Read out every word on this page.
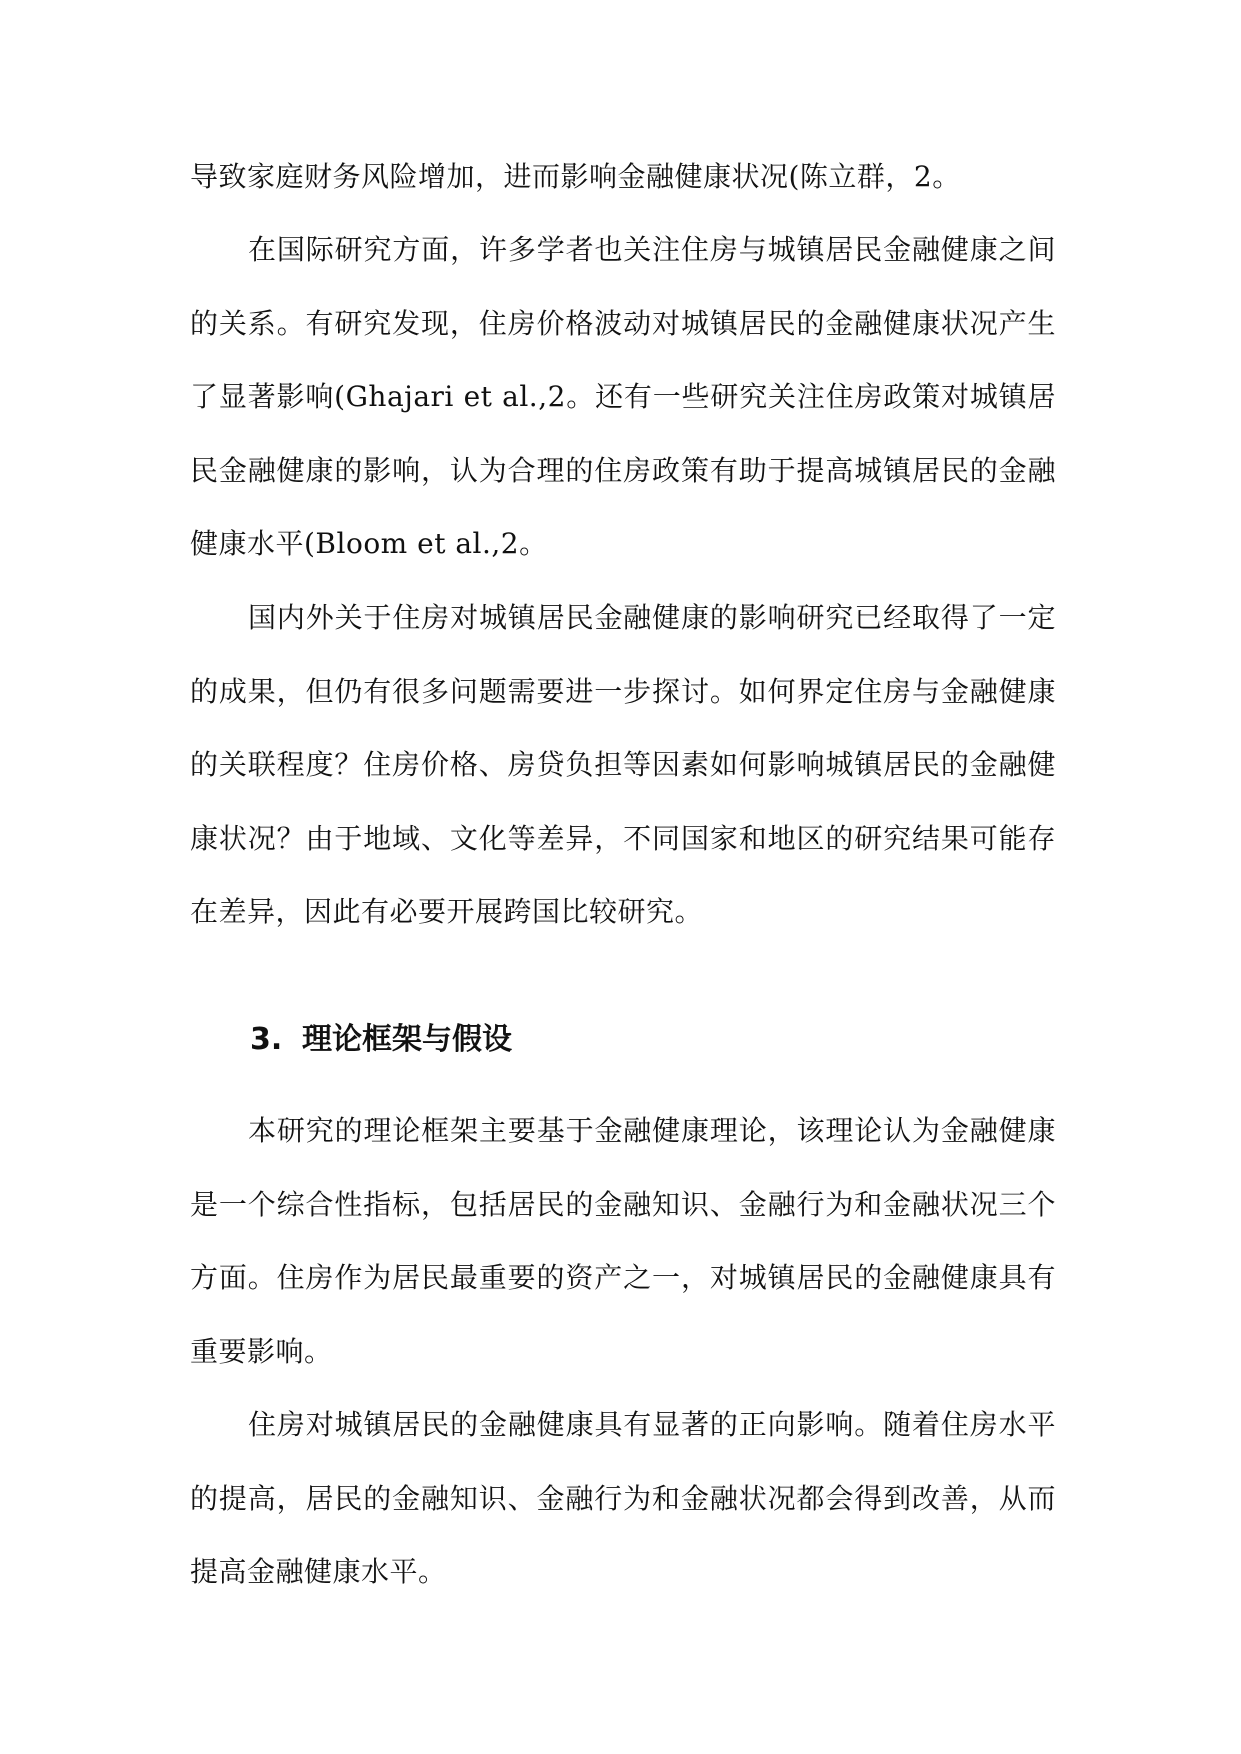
导致家庭财务风险增加，进而影响金融健康状况(陈立群，2。

在国际研究方面，许多学者也关注住房与城镇居民金融健康之间的关系。有研究发现，住房价格波动对城镇居民的金融健康状况产生了显著影响(Ghajari et al.,2。还有一些研究关注住房政策对城镇居民金融健康的影响，认为合理的住房政策有助于提高城镇居民的金融健康水平(Bloom et al.,2。

国内外关于住房对城镇居民金融健康的影响研究已经取得了一定的成果，但仍有很多问题需要进一步探讨。如何界定住房与金融健康的关联程度？住房价格、房贷负担等因素如何影响城镇居民的金融健康状况？由于地域、文化等差异，不同国家和地区的研究结果可能存在差异，因此有必要开展跨国比较研究。

3. 理论框架与假设

本研究的理论框架主要基于金融健康理论，该理论认为金融健康是一个综合性指标，包括居民的金融知识、金融行为和金融状况三个方面。住房作为居民最重要的资产之一，对城镇居民的金融健康具有重要影响。

住房对城镇居民的金融健康具有显著的正向影响。随着住房水平的提高，居民的金融知识、金融行为和金融状况都会得到改善，从而提高金融健康水平。
